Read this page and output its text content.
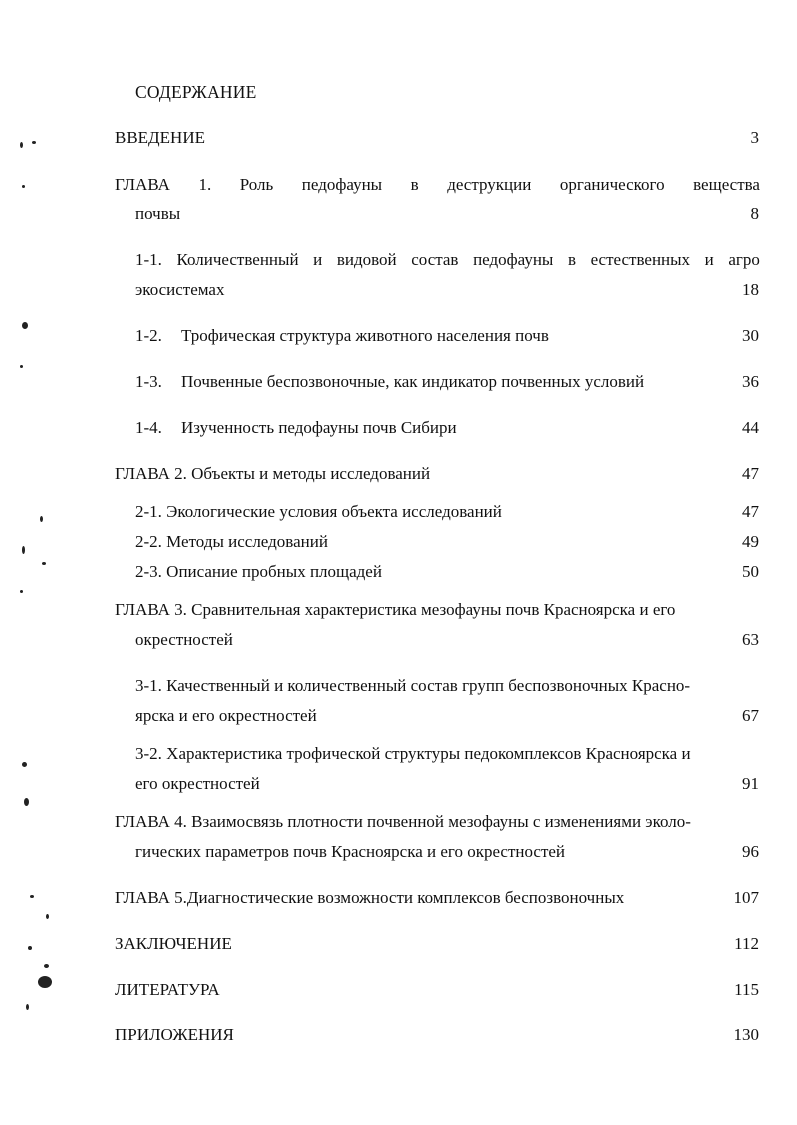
СОДЕРЖАНИЕ
ВВЕДЕНИЕ	3
ГЛАВА 1. Роль педофауны в деструкции органического вещества
почвы	8
1-1. Количественный и видовой состав педофауны в естественных и агро
экосистемах	18
1-2. Трофическая структура животного населения почв	30
1-3. Почвенные беспозвоночные, как индикатор почвенных условий	36
1-4. Изученность педофауны почв Сибири	44
ГЛАВА 2. Объекты и методы исследований	47
2-1. Экологические условия объекта исследований	47
2-2. Методы исследований	49
2-3. Описание пробных площадей	50
ГЛАВА 3. Сравнительная характеристика мезофауны почв Красноярска и его
окрестностей	63
3-1. Качественный и количественный состав групп беспозвоночных Красно-
ярска и его окрестностей	67
3-2. Характеристика трофической структуры педокомплексов Красноярска и
его окрестностей	91
ГЛАВА 4. Взаимосвязь плотности почвенной мезофауны с изменениями эколо-
гических параметров почв Красноярска и его окрестностей	96
ГЛАВА 5.Диагностические возможности комплексов беспозвоночных	107
ЗАКЛЮЧЕНИЕ	112
ЛИТЕРАТУРА	115
ПРИЛОЖЕНИЯ	130
